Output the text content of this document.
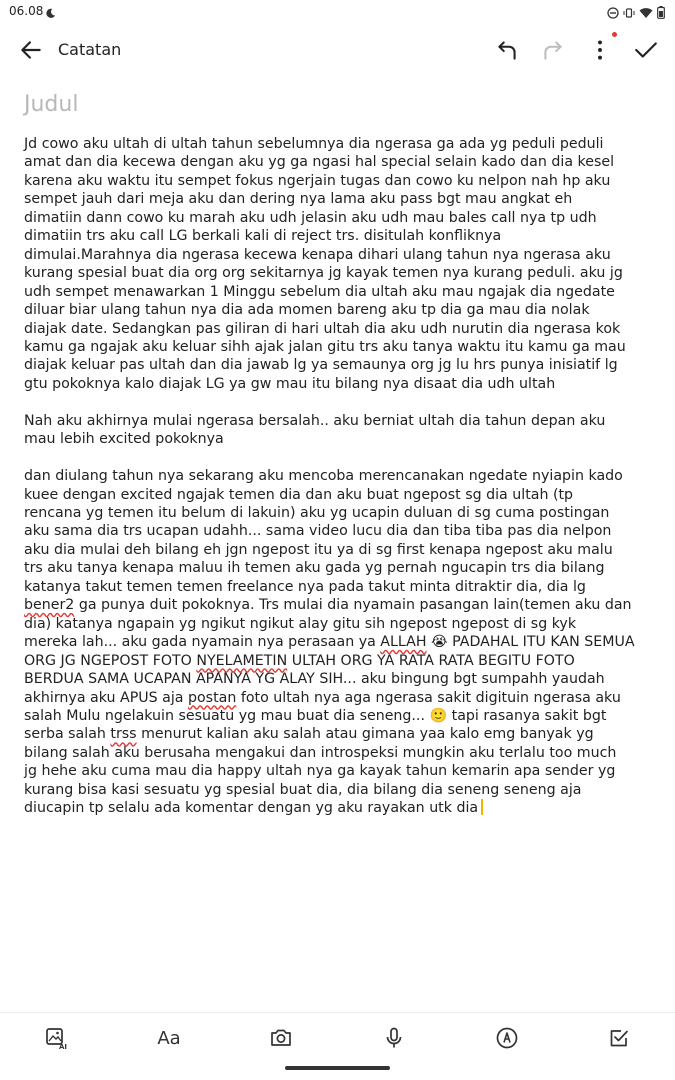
06.08
Catatan
Judul

Jd cowo aku ultah di ultah tahun sebelumnya dia ngerasa ga ada yg peduli peduli

amat dan dia kecewa dengan aku yg ga ngasi hal special selain kado dan dia kesel

karena aku waktu itu sempet fokus ngerjain tugas dan cowo ku nelpon nah hp aku

sempet jauh dari meja aku dan dering nya lama aku pass bgt mau angkat eh

dimatiin dann cowo ku marah aku udh jelasin aku udh mau bales call nya tp udh

dimatiin trs aku call LG berkali kali di reject trs. disitulah konfliknya

dimulai.Marahnya dia ngerasa kecewa kenapa dihari ulang tahun nya ngerasa aku

kurang spesial buat dia org org sekitarnya jg kayak temen nya kurang peduli. aku jg

udh sempet menawarkan 1 Minggu sebelum dia ultah aku mau ngajak dia ngedate

diluar biar ulang tahun nya dia ada momen bareng aku tp dia ga mau dia nolak

diajak date. Sedangkan pas giliran di hari ultah dia aku udh nurutin dia ngerasa kok

kamu ga ngajak aku keluar sihh ajak jalan gitu trs aku tanya waktu itu kamu ga mau

diajak keluar pas ultah dan dia jawab lg ya semaunya org jg lu hrs punya inisiatif lg

gtu pokoknya kalo diajak LG ya gw mau itu bilang nya disaat dia udh ultah

Nah aku akhirnya mulai ngerasa bersalah.. aku berniat ultah dia tahun depan aku

mau lebih excited pokoknya

dan diulang tahun nya sekarang aku mencoba merencanakan ngedate nyiapin kado

kuee dengan excited ngajak temen dia dan aku buat ngepost sg dia ultah (tp

rencana yg temen itu belum di lakuin) aku yg ucapin duluan di sg cuma postingan

aku sama dia trs ucapan udahh... sama video lucu dia dan tiba tiba pas dia nelpon

aku dia mulai deh bilang eh jgn ngepost itu ya di sg first kenapa ngepost aku malu

trs aku tanya kenapa maluu ih temen aku gada yg pernah ngucapin trs dia bilang

katanya takut temen temen freelance nya pada takut minta ditraktir dia, dia lg

bener2 ga punya duit pokoknya. Trs mulai dia nyamain pasangan lain(temen aku dan

dia) katanya ngapain yg ngikut ngikut alay gitu sih ngepost ngepost di sg kyk

mereka lah... aku gada nyamain nya perasaan ya ALLAH 😭 PADAHAL ITU KAN SEMUA

ORG JG NGEPOST FOTO NYELAMETIN ULTAH ORG YA RATA RATA BEGITU FOTO

BERDUA SAMA UCAPAN APANYA YG ALAY SIH... aku bingung bgt sumpahh yaudah

akhirnya aku APUS aja postan foto ultah nya aga ngerasa sakit digituin ngerasa aku

salah Mulu ngelakuin sesuatu yg mau buat dia seneng... 🙂 tapi rasanya sakit bgt

serba salah trss menurut kalian aku salah atau gimana yaa kalo emg banyak yg

bilang salah aku berusaha mengakui dan introspeksi mungkin aku terlalu too much

jg hehe aku cuma mau dia happy ultah nya ga kayak tahun kemarin apa sender yg

kurang bisa kasi sesuatu yg spesial buat dia, dia bilang dia seneng seneng aja

diucapin tp selalu ada komentar dengan yg aku rayakan utk dia

AI	Aa
